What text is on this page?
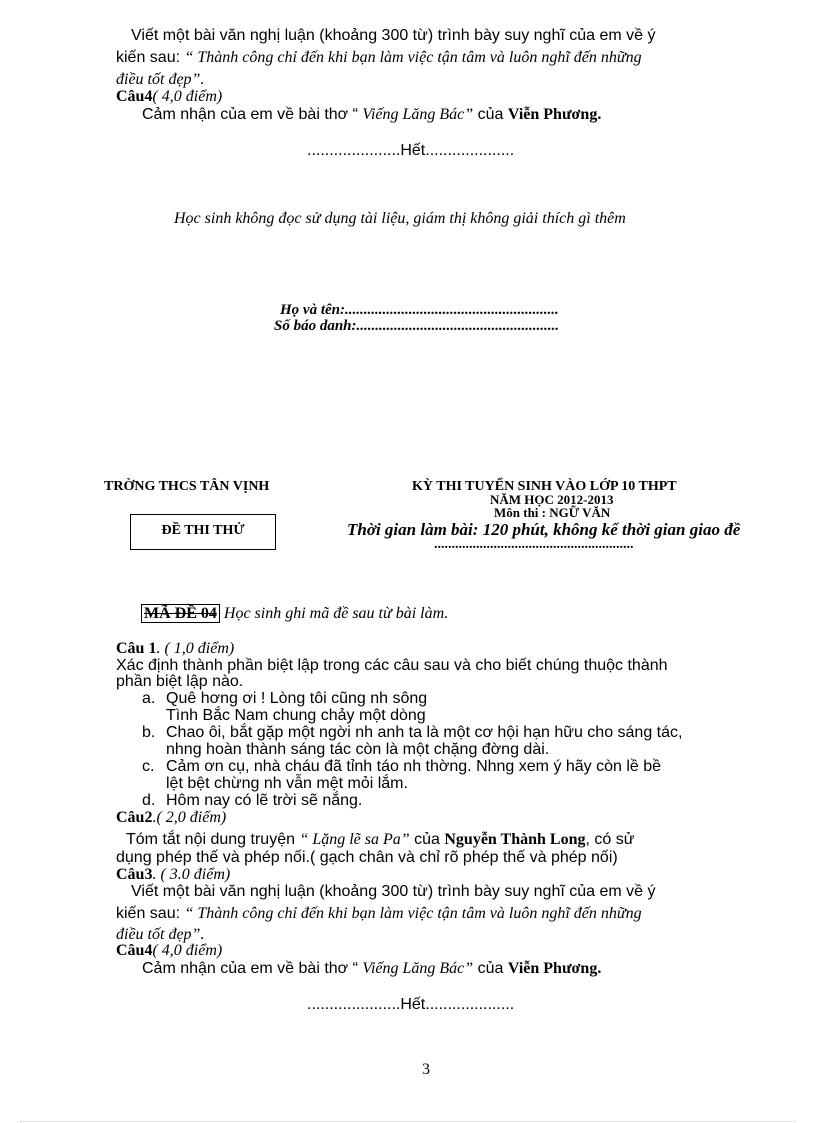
Viết một bài văn nghị luận (khoảng 300 từ) trình bày suy nghĩ của em về ý
kiến sau: “ Thành công chỉ đến khi bạn làm việc tận tâm và luôn nghĩ đến những
điều tốt đẹp”.
Câu4( 4,0 điểm)
Cảm nhận của em về bài thơ “ Viếng Lăng Bác” của Viễn Phương.
.....................Hết....................
Học sinh không đọc sử dụng tài liệu, giám thị không giải thích gì thêm
Họ và tên:.........................................................
Số báo danh:......................................................
TRỜNG THCS TÂN VỊNH
ĐỀ THI THỬ
KỲ THI TUYỂN SINH VÀO LỚP 10 THPT
NĂM HỌC 2012-2013
Môn thi : NGỮ VĂN
Thời gian làm bài: 120 phút, không kể thời gian giao đề
.........................................................
MÃ ĐỀ 04 Học sinh ghi mã đề sau từ bài làm.
Câu 1. ( 1,0 điểm)
Xác định thành phần biệt lập trong các câu sau và cho biết chúng thuộc thành
phần biệt lập nào.
a. Quê hơng ơi ! Lòng tôi cũng nh sông
Tình Bắc Nam chung chảy một dòng
b. Chao ôi, bắt gặp một ngời nh anh ta là một cơ hội hạn hữu cho sáng tác,
nhng hoàn thành sáng tác còn là một chặng đờng dài.
c. Cảm ơn cụ, nhà cháu đã tỉnh táo nh thờng. Nhng xem ý hãy còn lề bề
lệt bệt chừng nh vẫn mệt mỏi lắm.
d. Hôm nay có lẽ trời sẽ nắng.
Câu2.( 2,0 điểm)
Tóm tắt nội dung truyện “ Lặng lẽ sa Pa” của Nguyễn Thành Long, có sử
dụng phép thế và phép nối.( gạch chân và chỉ rõ phép thế và phép nối)
Câu3. ( 3.0 điểm)
Viết một bài văn nghị luận (khoảng 300 từ) trình bày suy nghĩ của em về ý
kiến sau: “ Thành công chỉ đến khi bạn làm việc tận tâm và luôn nghĩ đến những
điều tốt đẹp”.
Câu4( 4,0 điểm)
Cảm nhận của em về bài thơ “ Viếng Lăng Bác” của Viễn Phương.
.....................Hết....................
3
